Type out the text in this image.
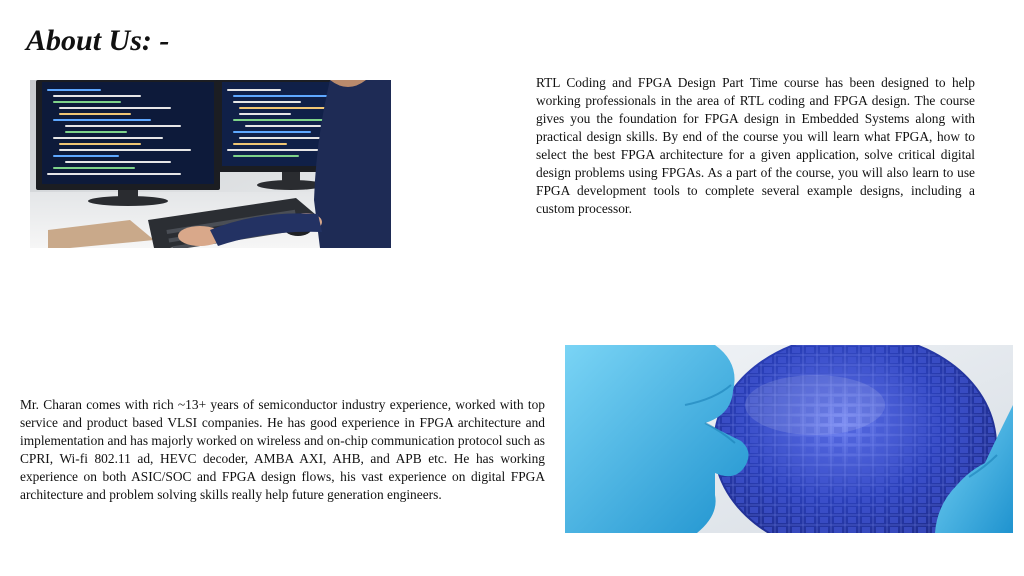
About Us: -

RTL Coding and FPGA Design Part Time course has been designed to help working professionals in the area of RTL coding and FPGA design. The course gives you the foundation for FPGA design in Embedded Systems along with practical design skills. By end of the course you will learn what FPGA, how to select the best FPGA architecture for a given application, solve critical digital design problems using FPGAs. As a part of the course, you will also learn to use FPGA development tools to complete several example designs, including a custom processor.

Mr. Charan comes with rich ~13+ years of semiconductor industry experience, worked with top service and product based VLSI companies. He has good experience in FPGA architecture and implementation and has majorly worked on wireless and on-chip communication protocol such as CPRI, Wi-fi 802.11 ad, HEVC decoder, AMBA AXI, AHB, and APB etc. He has working experience on both ASIC/SOC and FPGA design flows, his vast experience on digital FPGA architecture and problem solving skills really help future generation engineers.
